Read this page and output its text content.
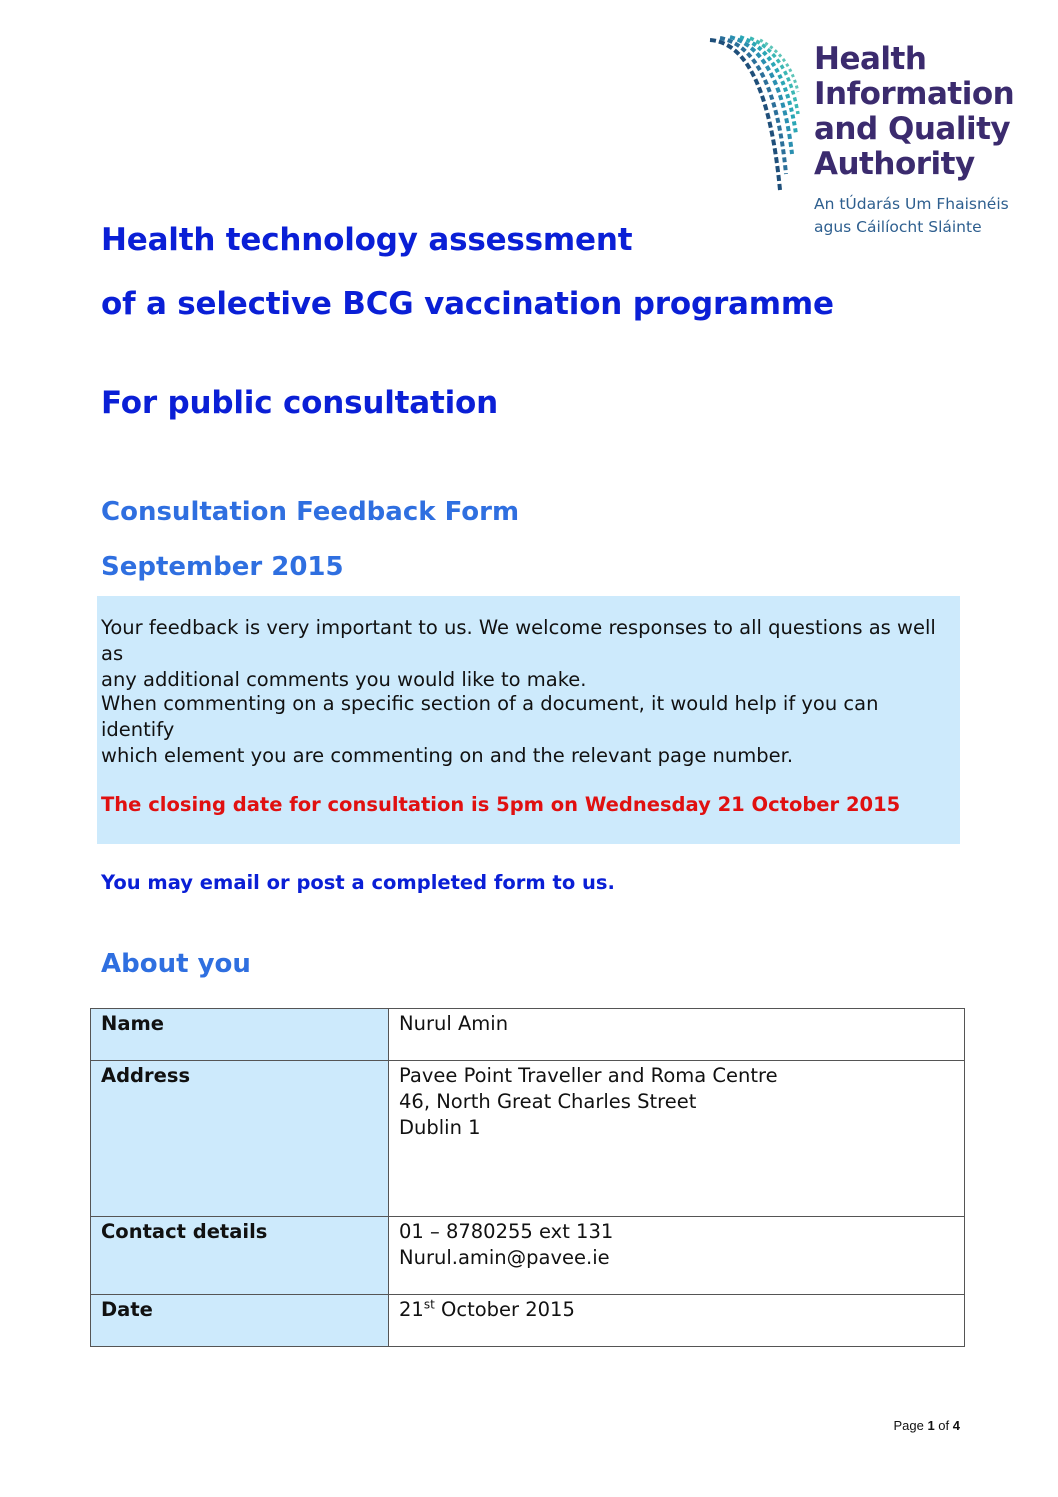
Health
Information
and Quality
Authority
An tÚdarás Um Fhaisnéis
agus Cáilíocht Sláinte
Health technology assessment
of a selective BCG vaccination programme
For public consultation
Consultation Feedback Form
September 2015
Your feedback is very important to us. We welcome responses to all questions as well as
any additional comments you would like to make.
When commenting on a specific section of a document, it would help if you can identify
which element you are commenting on and the relevant page number.
The closing date for consultation is 5pm on Wednesday 21 October 2015
You may email or post a completed form to us.
About you
Name	Nurul Amin

Address	Pavee Point Traveller and Roma Centre
46, North Great Charles Street
Dublin 1

Contact details	01 – 8780255 ext 131
Nurul.amin@pavee.ie

Date	21st October 2015
Page 1 of 4
